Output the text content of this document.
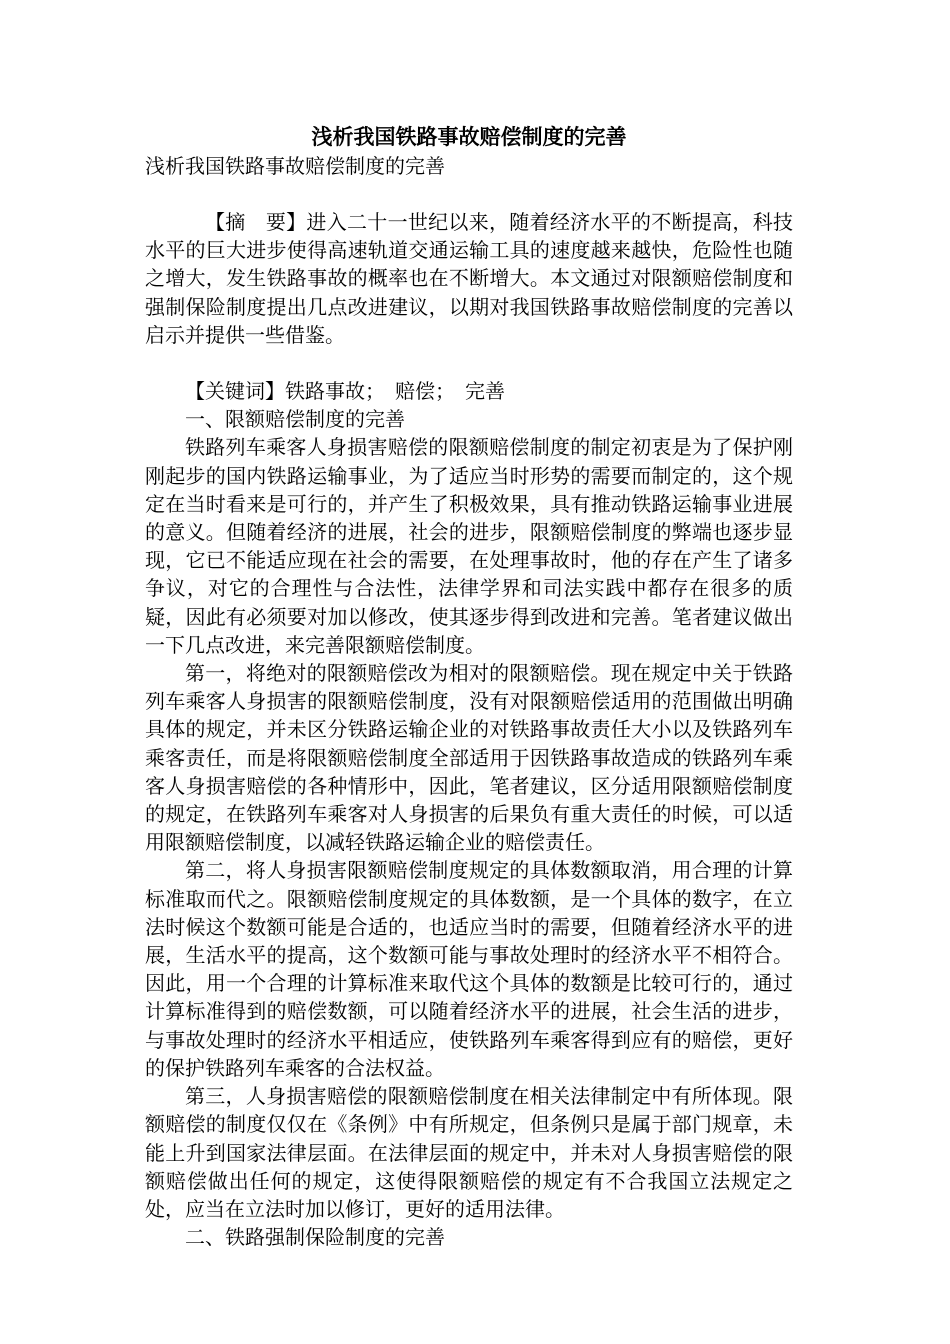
浅析我国铁路事故赔偿制度的完善

浅析我国铁路事故赔偿制度的完善

【摘　要】进入二十一世纪以来，随着经济水平的不断提高，科技水平的巨大进步使得高速轨道交通运输工具的速度越来越快，危险性也随之增大，发生铁路事故的概率也在不断增大。本文通过对限额赔偿制度和强制保险制度提出几点改进建议，以期对我国铁路事故赔偿制度的完善以启示并提供一些借鉴。

【关键词】铁路事故；　赔偿；　完善

一、限额赔偿制度的完善

铁路列车乘客人身损害赔偿的限额赔偿制度的制定初衷是为了保护刚刚起步的国内铁路运输事业，为了适应当时形势的需要而制定的，这个规定在当时看来是可行的，并产生了积极效果，具有推动铁路运输事业进展的意义。但随着经济的进展，社会的进步，限额赔偿制度的弊端也逐步显现，它已不能适应现在社会的需要，在处理事故时，他的存在产生了诸多争议，对它的合理性与合法性，法律学界和司法实践中都存在很多的质疑，因此有必须要对加以修改，使其逐步得到改进和完善。笔者建议做出一下几点改进，来完善限额赔偿制度。

第一，将绝对的限额赔偿改为相对的限额赔偿。现在规定中关于铁路列车乘客人身损害的限额赔偿制度，没有对限额赔偿适用的范围做出明确具体的规定，并未区分铁路运输企业的对铁路事故责任大小以及铁路列车乘客责任，而是将限额赔偿制度全部适用于因铁路事故造成的铁路列车乘客人身损害赔偿的各种情形中，因此，笔者建议，区分适用限额赔偿制度的规定，在铁路列车乘客对人身损害的后果负有重大责任的时候，可以适用限额赔偿制度，以减轻铁路运输企业的赔偿责任。

第二，将人身损害限额赔偿制度规定的具体数额取消，用合理的计算标准取而代之。限额赔偿制度规定的具体数额，是一个具体的数字，在立法时候这个数额可能是合适的，也适应当时的需要，但随着经济水平的进展，生活水平的提高，这个数额可能与事故处理时的经济水平不相符合。因此，用一个合理的计算标准来取代这个具体的数额是比较可行的，通过计算标准得到的赔偿数额，可以随着经济水平的进展，社会生活的进步，与事故处理时的经济水平相适应，使铁路列车乘客得到应有的赔偿，更好的保护铁路列车乘客的合法权益。

第三，人身损害赔偿的限额赔偿制度在相关法律制定中有所体现。限额赔偿的制度仅仅在《条例》中有所规定，但条例只是属于部门规章，未能上升到国家法律层面。在法律层面的规定中，并未对人身损害赔偿的限额赔偿做出任何的规定，这使得限额赔偿的规定有不合我国立法规定之处，应当在立法时加以修订，更好的适用法律。

二、铁路强制保险制度的完善
